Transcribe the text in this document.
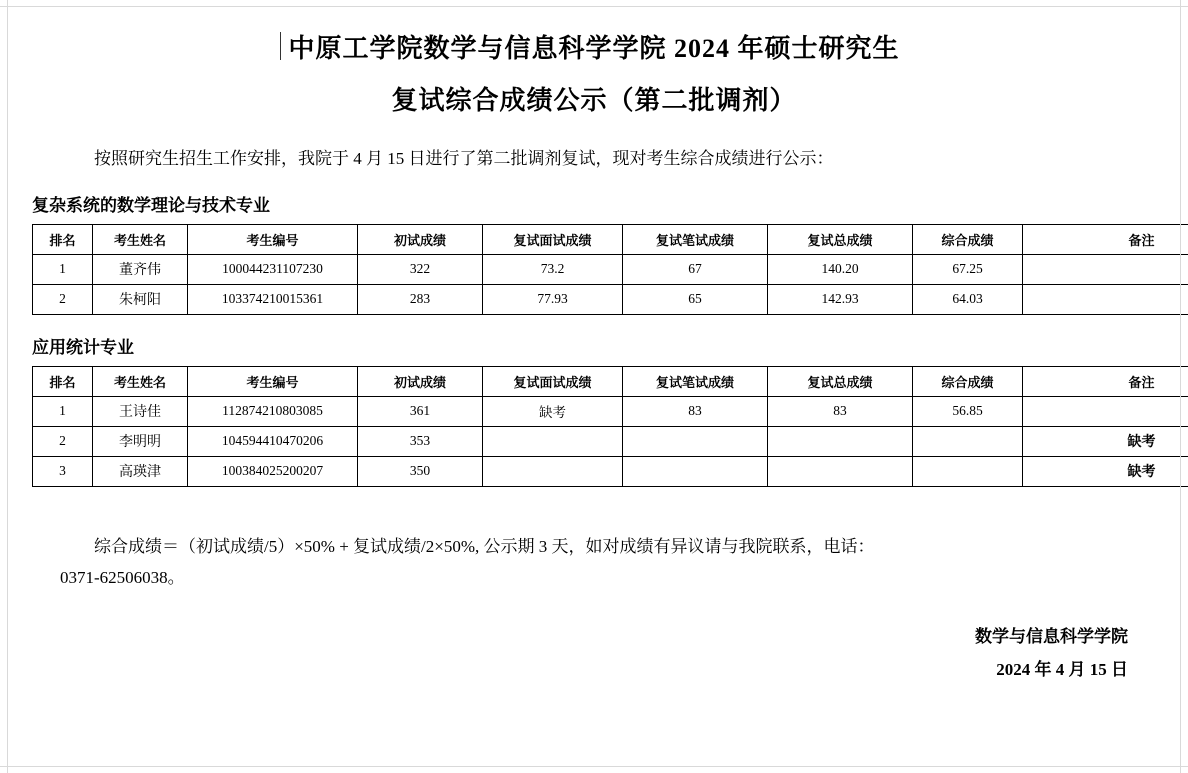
中原工学院数学与信息科学学院 2024 年硕士研究生
复试综合成绩公示（第二批调剂）
按照研究生招生工作安排，我院于 4 月 15 日进行了第二批调剂复试，现对考生综合成绩进行公示：
复杂系统的数学理论与技术专业
排名	考生姓名	考生编号	初试成绩	复试面试成绩	复试笔试成绩	复试总成绩	综合成绩	备注
1	董齐伟	100044231107230	322	73.2	67	140.20	67.25	
2	朱柯阳	103374210015361	283	77.93	65	142.93	64.03	
应用统计专业
排名	考生姓名	考生编号	初试成绩	复试面试成绩	复试笔试成绩	复试总成绩	综合成绩	备注
1	王诗佳	112874210803085	361	缺考	83	83	56.85	
2	李明明	104594410470206	353					缺考
3	高瑛津	100384025200207	350					缺考
综合成绩＝（初试成绩/5）×50% + 复试成绩/2×50%, 公示期 3 天，如对成绩有异议请与我院联系，电话：
0371-62506038。
数学与信息科学学院
2024 年 4 月 15 日
